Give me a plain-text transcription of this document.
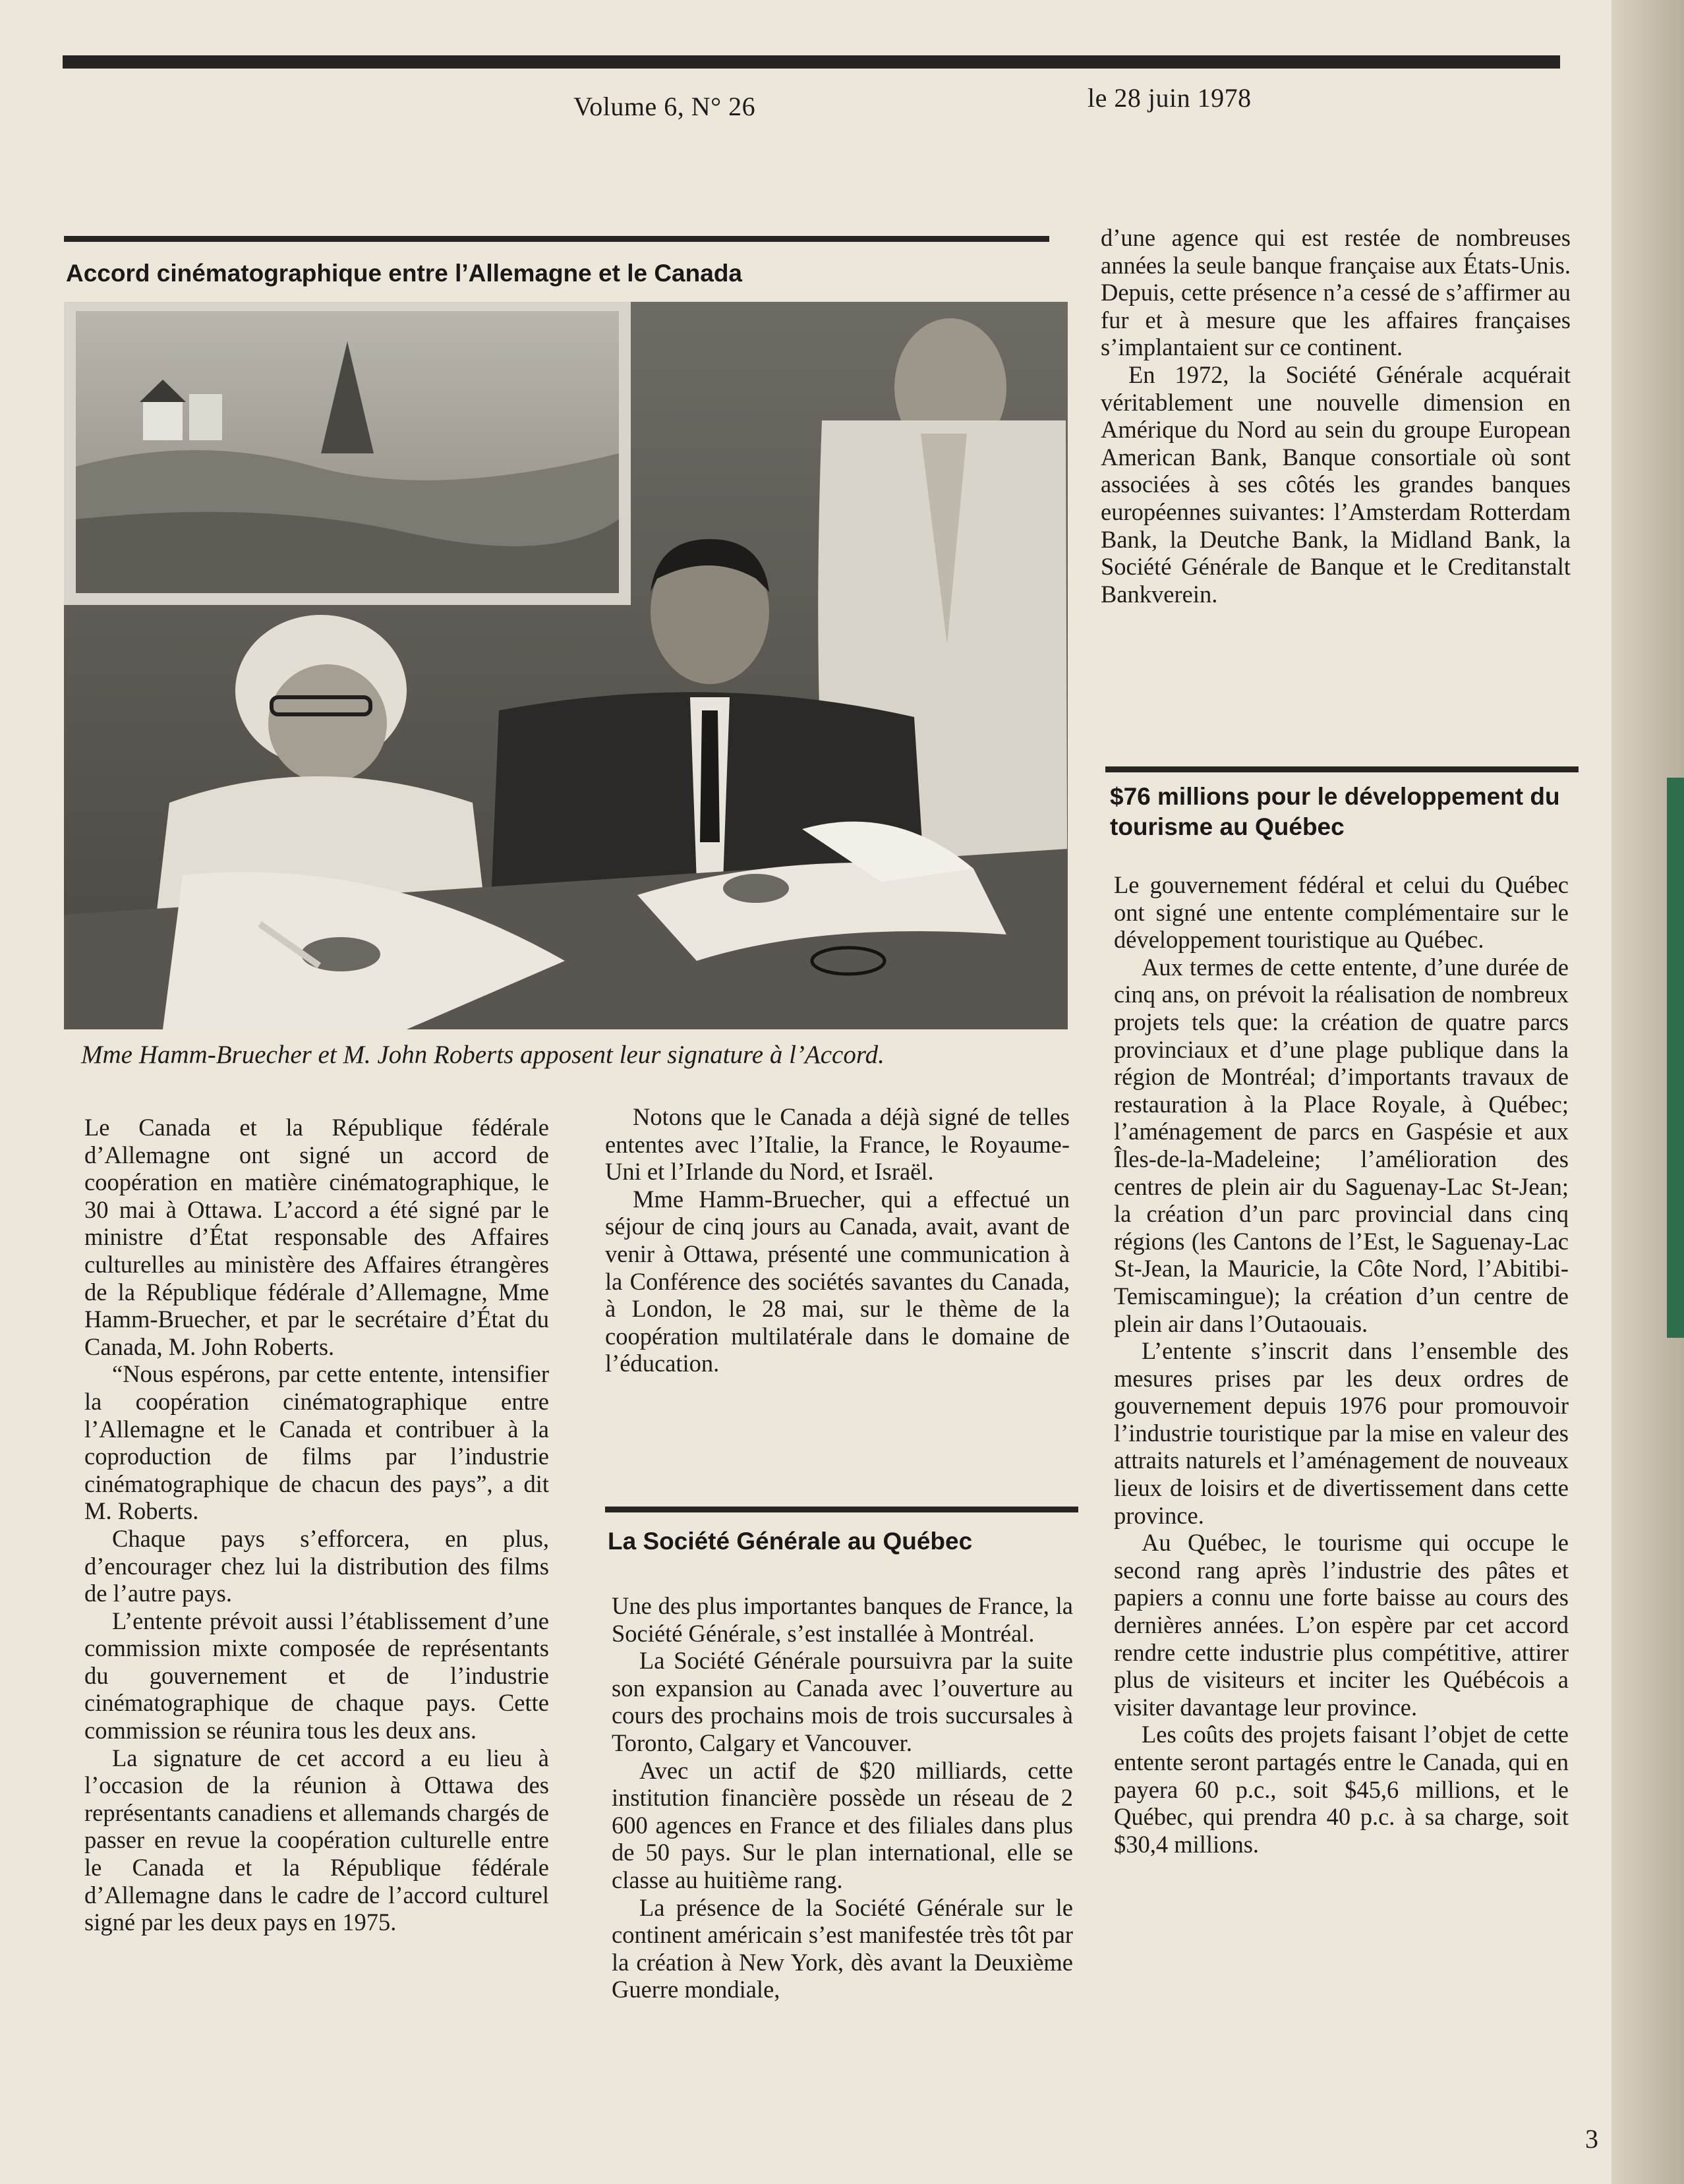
Volume 6, N° 26	le 28 juin 1978
Accord cinématographique entre l’Allemagne et le Canada
Mme Hamm-Bruecher et M. John Roberts apposent leur signature à l’Accord.

Le Canada et la République fédérale d’Allemagne ont signé un accord de coopération en matière cinématographique, le 30 mai à Ottawa. L’accord a été signé par le ministre d’État responsable des Affaires culturelles au ministère des Affaires étrangères de la République fédérale d’Allemagne, Mme Hamm-Bruecher, et par le secrétaire d’État du Canada, M. John Roberts.

“Nous espérons, par cette entente, intensifier la coopération cinématographique entre l’Allemagne et le Canada et contribuer à la coproduction de films par l’industrie cinématographique de chacun des pays”, a dit M. Roberts.

Chaque pays s’efforcera, en plus, d’encourager chez lui la distribution des films de l’autre pays.

L’entente prévoit aussi l’établissement d’une commission mixte composée de représentants du gouvernement et de l’industrie cinématographique de chaque pays. Cette commission se réunira tous les deux ans.

La signature de cet accord a eu lieu à l’occasion de la réunion à Ottawa des représentants canadiens et allemands chargés de passer en revue la coopération culturelle entre le Canada et la République fédérale d’Allemagne dans le cadre de l’accord culturel signé par les deux pays en 1975.

Notons que le Canada a déjà signé de telles ententes avec l’Italie, la France, le Royaume-Uni et l’Irlande du Nord, et Israël.

Mme Hamm-Bruecher, qui a effectué un séjour de cinq jours au Canada, avait, avant de venir à Ottawa, présenté une communication à la Conférence des sociétés savantes du Canada, à London, le 28 mai, sur le thème de la coopération multilatérale dans le domaine de l’éducation.

La Société Générale au Québec

Une des plus importantes banques de France, la Société Générale, s’est installée à Montréal.

La Société Générale poursuivra par la suite son expansion au Canada avec l’ouverture au cours des prochains mois de trois succursales à Toronto, Calgary et Vancouver.

Avec un actif de $20 milliards, cette institution financière possède un réseau de 2 600 agences en France et des filiales dans plus de 50 pays. Sur le plan international, elle se classe au huitième rang.

La présence de la Société Générale sur le continent américain s’est manifestée très tôt par la création à New York, dès avant la Deuxième Guerre mondiale,

d’une agence qui est restée de nombreuses années la seule banque française aux États-Unis. Depuis, cette présence n’a cessé de s’affirmer au fur et à mesure que les affaires françaises s’implantaient sur ce continent.

En 1972, la Société Générale acquérait véritablement une nouvelle dimension en Amérique du Nord au sein du groupe European American Bank, Banque consortiale où sont associées à ses côtés les grandes banques européennes suivantes: l’Amsterdam Rotterdam Bank, la Deutche Bank, la Midland Bank, la Société Générale de Banque et le Creditanstalt Bankverein.

$76 millions pour le développement du tourisme au Québec

Le gouvernement fédéral et celui du Québec ont signé une entente complémentaire sur le développement touristique au Québec.

Aux termes de cette entente, d’une durée de cinq ans, on prévoit la réalisation de nombreux projets tels que: la création de quatre parcs provinciaux et d’une plage publique dans la région de Montréal; d’importants travaux de restauration à la Place Royale, à Québec; l’aménagement de parcs en Gaspésie et aux Îles-de-la-Madeleine; l’amélioration des centres de plein air du Saguenay-Lac St-Jean; la création d’un parc provincial dans cinq régions (les Cantons de l’Est, le Saguenay-Lac St-Jean, la Mauricie, la Côte Nord, l’Abitibi-Temiscamingue); la création d’un centre de plein air dans l’Outaouais.

L’entente s’inscrit dans l’ensemble des mesures prises par les deux ordres de gouvernement depuis 1976 pour promouvoir l’industrie touristique par la mise en valeur des attraits naturels et l’aménagement de nouveaux lieux de loisirs et de divertissement dans cette province.

Au Québec, le tourisme qui occupe le second rang après l’industrie des pâtes et papiers a connu une forte baisse au cours des dernières années. L’on espère par cet accord rendre cette industrie plus compétitive, attirer plus de visiteurs et inciter les Québécois a visiter davantage leur province.

Les coûts des projets faisant l’objet de cette entente seront partagés entre le Canada, qui en payera 60 p.c., soit $45,6 millions, et le Québec, qui prendra 40 p.c. à sa charge, soit $30,4 millions.

3
